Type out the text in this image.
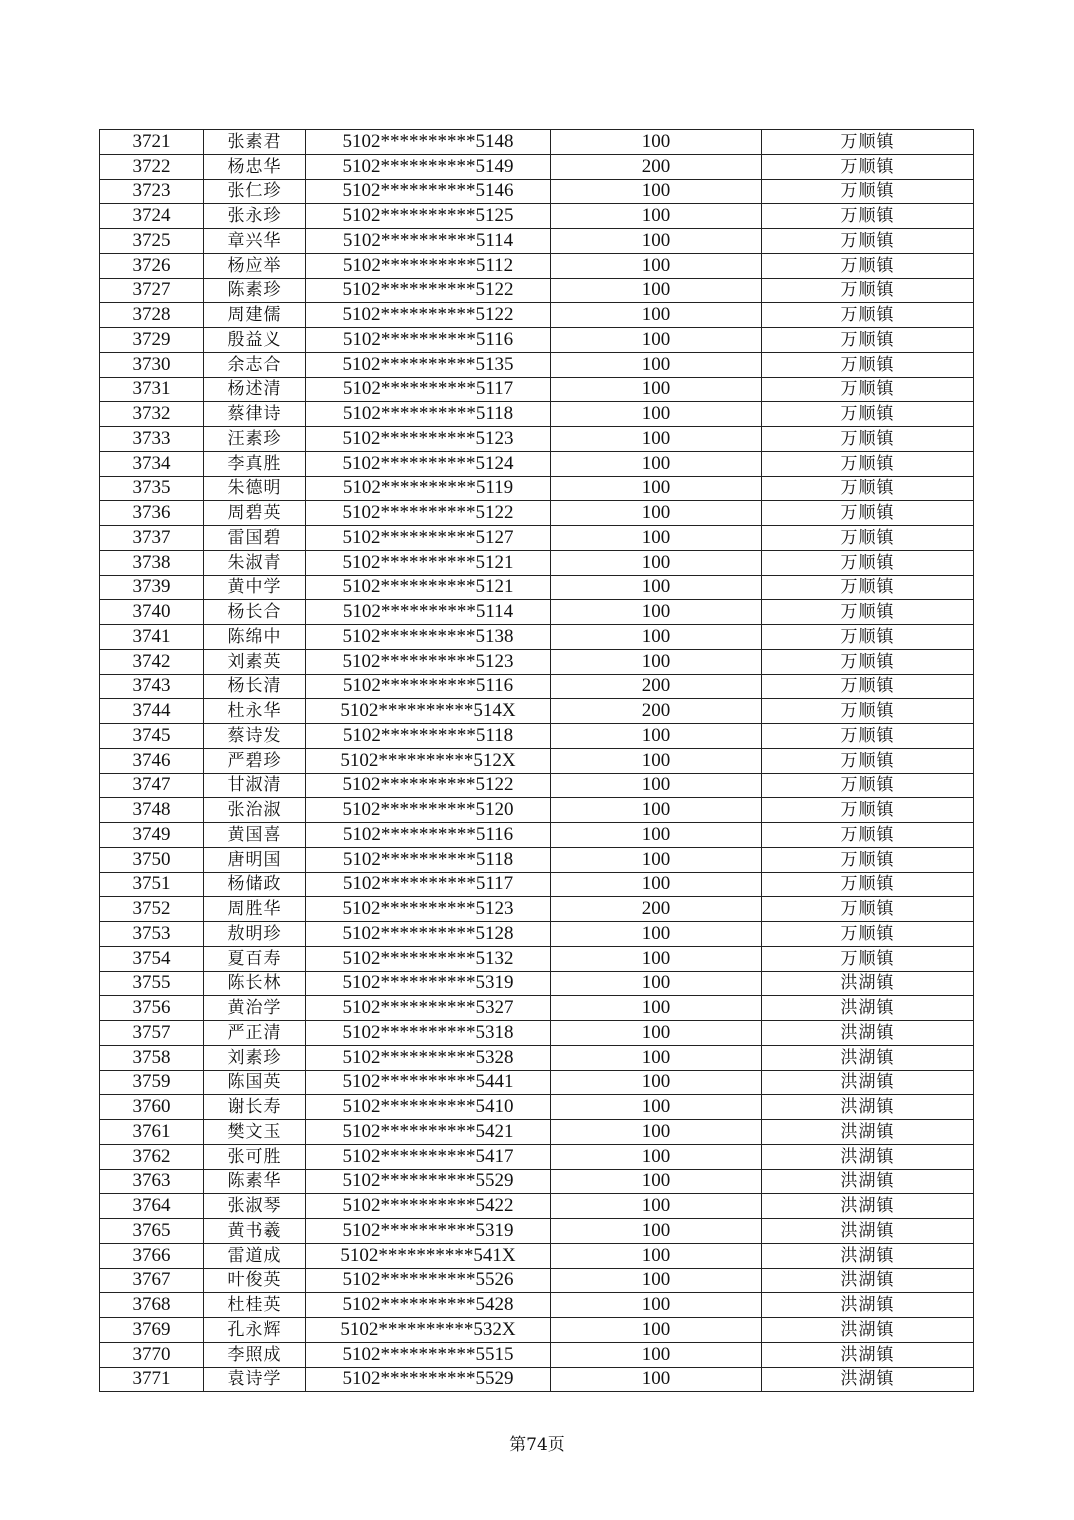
3721	张素君	5102**********5148	100	万顺镇
3722	杨忠华	5102**********5149	200	万顺镇
3723	张仁珍	5102**********5146	100	万顺镇
3724	张永珍	5102**********5125	100	万顺镇
3725	章兴华	5102**********5114	100	万顺镇
3726	杨应举	5102**********5112	100	万顺镇
3727	陈素珍	5102**********5122	100	万顺镇
3728	周建儒	5102**********5122	100	万顺镇
3729	殷益义	5102**********5116	100	万顺镇
3730	余志合	5102**********5135	100	万顺镇
3731	杨述清	5102**********5117	100	万顺镇
3732	蔡律诗	5102**********5118	100	万顺镇
3733	汪素珍	5102**********5123	100	万顺镇
3734	李真胜	5102**********5124	100	万顺镇
3735	朱德明	5102**********5119	100	万顺镇
3736	周碧英	5102**********5122	100	万顺镇
3737	雷国碧	5102**********5127	100	万顺镇
3738	朱淑青	5102**********5121	100	万顺镇
3739	黄中学	5102**********5121	100	万顺镇
3740	杨长合	5102**********5114	100	万顺镇
3741	陈绵中	5102**********5138	100	万顺镇
3742	刘素英	5102**********5123	100	万顺镇
3743	杨长清	5102**********5116	200	万顺镇
3744	杜永华	5102**********514X	200	万顺镇
3745	蔡诗发	5102**********5118	100	万顺镇
3746	严碧珍	5102**********512X	100	万顺镇
3747	甘淑清	5102**********5122	100	万顺镇
3748	张治淑	5102**********5120	100	万顺镇
3749	黄国喜	5102**********5116	100	万顺镇
3750	唐明国	5102**********5118	100	万顺镇
3751	杨储政	5102**********5117	100	万顺镇
3752	周胜华	5102**********5123	200	万顺镇
3753	敖明珍	5102**********5128	100	万顺镇
3754	夏百寿	5102**********5132	100	万顺镇
3755	陈长林	5102**********5319	100	洪湖镇
3756	黄治学	5102**********5327	100	洪湖镇
3757	严正清	5102**********5318	100	洪湖镇
3758	刘素珍	5102**********5328	100	洪湖镇
3759	陈国英	5102**********5441	100	洪湖镇
3760	谢长寿	5102**********5410	100	洪湖镇
3761	樊文玉	5102**********5421	100	洪湖镇
3762	张可胜	5102**********5417	100	洪湖镇
3763	陈素华	5102**********5529	100	洪湖镇
3764	张淑琴	5102**********5422	100	洪湖镇
3765	黄书羲	5102**********5319	100	洪湖镇
3766	雷道成	5102**********541X	100	洪湖镇
3767	叶俊英	5102**********5526	100	洪湖镇
3768	杜桂英	5102**********5428	100	洪湖镇
3769	孔永辉	5102**********532X	100	洪湖镇
3770	李照成	5102**********5515	100	洪湖镇
3771	袁诗学	5102**********5529	100	洪湖镇
第74页
